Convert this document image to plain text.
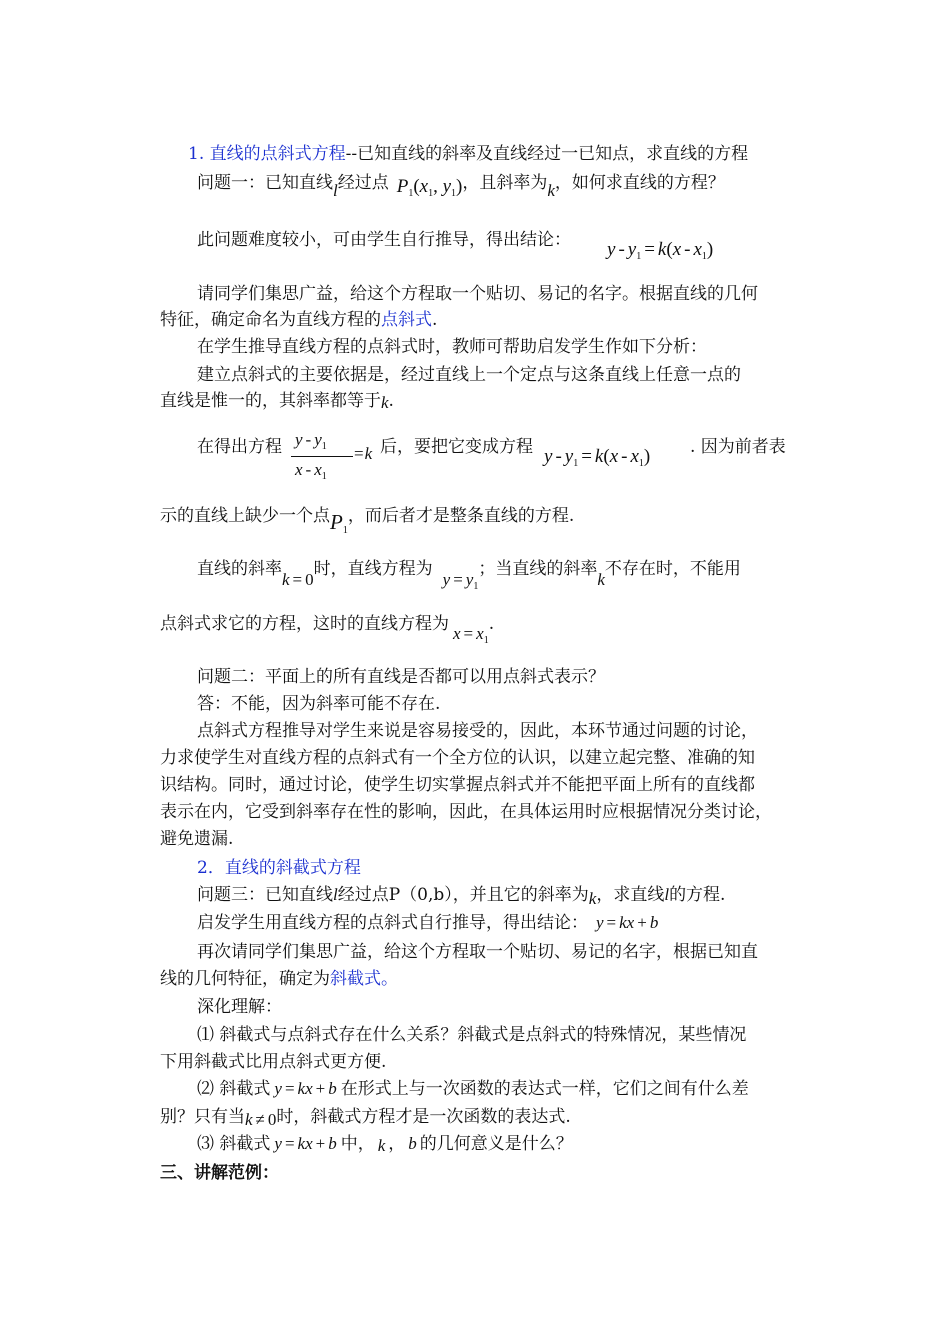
1. 直线的点斜式方程--已知直线的斜率及直线经过一已知点，求直线的方程
问题一：已知直线l经过点 $P_1(x_1$, $y_1$)，且斜率为k，如何求直线的方程？
此问题难度较小，可由学生自行推导，得出结论： $y - y_1 = k(x - x_1)$
请同学们集思广益，给这个方程取一个贴切、易记的名字。根据直线的几何
特征，确定命名为直线方程的点斜式.
在学生推导直线方程的点斜式时，教师可帮助启发学生作如下分析：
建立点斜式的主要依据是，经过直线上一个定点与这条直线上任意一点的
直线是惟一的，其斜率都等于k.
在得出方程 y - $y_1$
x - $x_1$
=k 后，要把它变成方程 $y - y_1 = k(x - x_1)$ . 因为前者表
示的直线上缺少一个点$P_1$，而后者才是整条直线的方程.
直线的斜率k = 0时，直线方程为$y = y_1$；当直线的斜率k不存在时，不能用
点斜式求它的方程，这时的直线方程为 $x = x_1$.
问题二：平面上的所有直线是否都可以用点斜式表示？
答：不能，因为斜率可能不存在.
点斜式方程推导对学生来说是容易接受的，因此，本环节通过问题的讨论，
力求使学生对直线方程的点斜式有一个全方位的认识，以建立起完整、准确的知
识结构。同时，通过讨论，使学生切实掌握点斜式并不能把平面上所有的直线都
表示在内，它受到斜率存在性的影响，因此，在具体运用时应根据情况分类讨论，
避免遗漏.
2．直线的斜截式方程
问题三：已知直线l经过点P（0,b），并且它的斜率为k，求直线l的方程.
启发学生用直线方程的点斜式自行推导，得出结论： y = kx + b
再次请同学们集思广益，给这个方程取一个贴切、易记的名字，根据已知直
线的几何特征，确定为斜截式。
深化理解：
⑴ 斜截式与点斜式存在什么关系？斜截式是点斜式的特殊情况，某些情况
下用斜截式比用点斜式更方便.
⑵ 斜截式 y = kx + b 在形式上与一次函数的表达式一样，它们之间有什么差
别？只有当k ≠ 0时，斜截式方程才是一次函数的表达式.
⑶ 斜截式 y = kx + b 中， k ， b 的几何意义是什么？
三、讲解范例：
